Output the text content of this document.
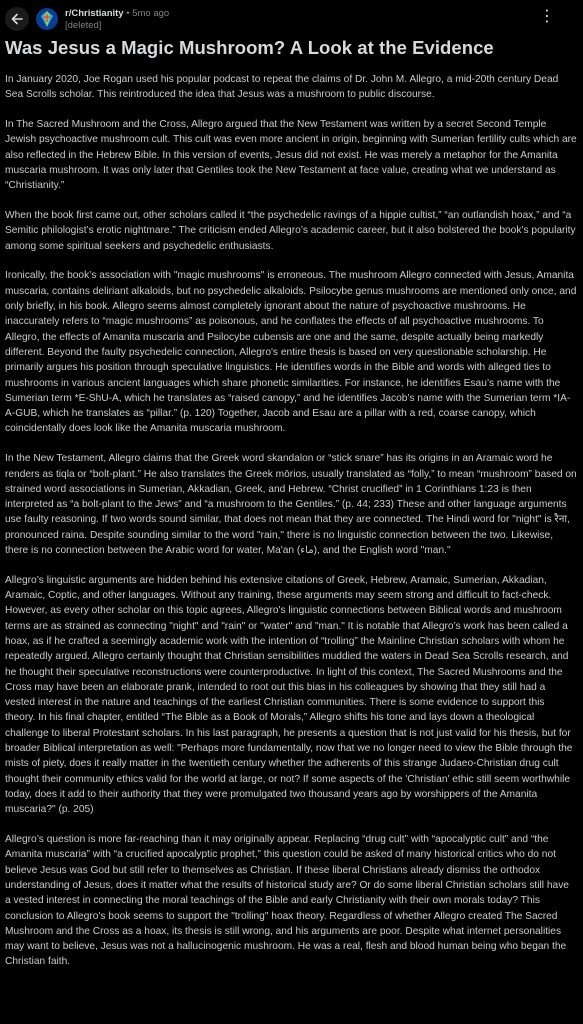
r/Christianity • 5mo ago
[deleted]
⋮
Was Jesus a Magic Mushroom? A Look at the Evidence

In January 2020, Joe Rogan used his popular podcast to repeat the claims of Dr. John M. Allegro, a mid-20th century Dead Sea Scrolls scholar. This reintroduced the idea that Jesus was a mushroom to public discourse.

In The Sacred Mushroom and the Cross, Allegro argued that the New Testament was written by a secret Second Temple Jewish psychoactive mushroom cult. This cult was even more ancient in origin, beginning with Sumerian fertility cults which are also reflected in the Hebrew Bible. In this version of events, Jesus did not exist. He was merely a metaphor for the Amanita muscaria mushroom. It was only later that Gentiles took the New Testament at face value, creating what we understand as “Christianity.”

When the book first came out, other scholars called it “the psychedelic ravings of a hippie cultist,” “an outlandish hoax,” and “a Semitic philologist’s erotic nightmare.” The criticism ended Allegro’s academic career, but it also bolstered the book’s popularity among some spiritual seekers and psychedelic enthusiasts.

Ironically, the book’s association with "magic mushrooms" is erroneous. The mushroom Allegro connected with Jesus, Amanita muscaria, contains deliriant alkaloids, but no psychedelic alkaloids. Psilocybe genus mushrooms are mentioned only once, and only briefly, in his book. Allegro seems almost completely ignorant about the nature of psychoactive mushrooms. He inaccurately refers to “magic mushrooms” as poisonous, and he conflates the effects of all psychoactive mushrooms. To Allegro, the effects of Amanita muscaria and Psilocybe cubensis are one and the same, despite actually being markedly different. Beyond the faulty psychedelic connection, Allegro's entire thesis is based on very questionable scholarship. He primarily argues his position through speculative linguistics. He identifies words in the Bible and words with alleged ties to mushrooms in various ancient languages which share phonetic similarities. For instance, he identifies Esau’s name with the Sumerian term *E-ShU-A, which he translates as “raised canopy,” and he identifies Jacob’s name with the Sumerian term *IA-A-GUB, which he translates as “pillar.” (p. 120) Together, Jacob and Esau are a pillar with a red, coarse canopy, which coincidentally does look like the Amanita muscaria mushroom.

In the New Testament, Allegro claims that the Greek word skandalon or “stick snare” has its origins in an Aramaic word he renders as tiqla or “bolt-plant.” He also translates the Greek mōrios, usually translated as “folly,” to mean “mushroom” based on strained word associations in Sumerian, Akkadian, Greek, and Hebrew. “Christ crucified” in 1 Corinthians 1:23 is then interpreted as “a bolt-plant to the Jews” and “a mushroom to the Gentiles.” (p. 44; 233) These and other language arguments use faulty reasoning. If two words sound similar, that does not mean that they are connected. The Hindi word for "night" is रैना, pronounced raina. Despite sounding similar to the word "rain," there is no linguistic connection between the two. Likewise, there is no connection between the Arabic word for water, Ma'an (ماء), and the English word "man."

Allegro’s linguistic arguments are hidden behind his extensive citations of Greek, Hebrew, Aramaic, Sumerian, Akkadian, Aramaic, Coptic, and other languages. Without any training, these arguments may seem strong and difficult to fact-check. However, as every other scholar on this topic agrees, Allegro's linguistic connections between Biblical words and mushroom terms are as strained as connecting "night" and "rain" or "water" and "man." It is notable that Allegro’s work has been called a hoax, as if he crafted a seemingly academic work with the intention of “trolling” the Mainline Christian scholars with whom he repeatedly argued. Allegro certainly thought that Christian sensibilities muddied the waters in Dead Sea Scrolls research, and he thought their speculative reconstructions were counterproductive. In light of this context, The Sacred Mushrooms and the Cross may have been an elaborate prank, intended to root out this bias in his colleagues by showing that they still had a vested interest in the nature and teachings of the earliest Christian communities. There is some evidence to support this theory. In his final chapter, entitled “The Bible as a Book of Morals,” Allegro shifts his tone and lays down a theological challenge to liberal Protestant scholars. In his last paragraph, he presents a question that is not just valid for his thesis, but for broader Biblical interpretation as well: "Perhaps more fundamentally, now that we no longer need to view the Bible through the mists of piety, does it really matter in the twentieth century whether the adherents of this strange Judaeo-Christian drug cult thought their community ethics valid for the world at large, or not? If some aspects of the 'Christian' ethic still seem worthwhile today, does it add to their authority that they were promulgated two thousand years ago by worshippers of the Amanita muscaria?" (p. 205)

Allegro’s question is more far-reaching than it may originally appear. Replacing “drug cult” with “apocalyptic cult” and “the Amanita muscaria” with “a crucified apocalyptic prophet,” this question could be asked of many historical critics who do not believe Jesus was God but still refer to themselves as Christian. If these liberal Christians already dismiss the orthodox understanding of Jesus, does it matter what the results of historical study are? Or do some liberal Christian scholars still have a vested interest in connecting the moral teachings of the Bible and early Christianity with their own morals today? This conclusion to Allegro's book seems to support the "trolling" hoax theory. Regardless of whether Allegro created The Sacred Mushroom and the Cross as a hoax, its thesis is still wrong, and his arguments are poor. Despite what internet personalities may want to believe, Jesus was not a hallucinogenic mushroom. He was a real, flesh and blood human being who began the Christian faith.
